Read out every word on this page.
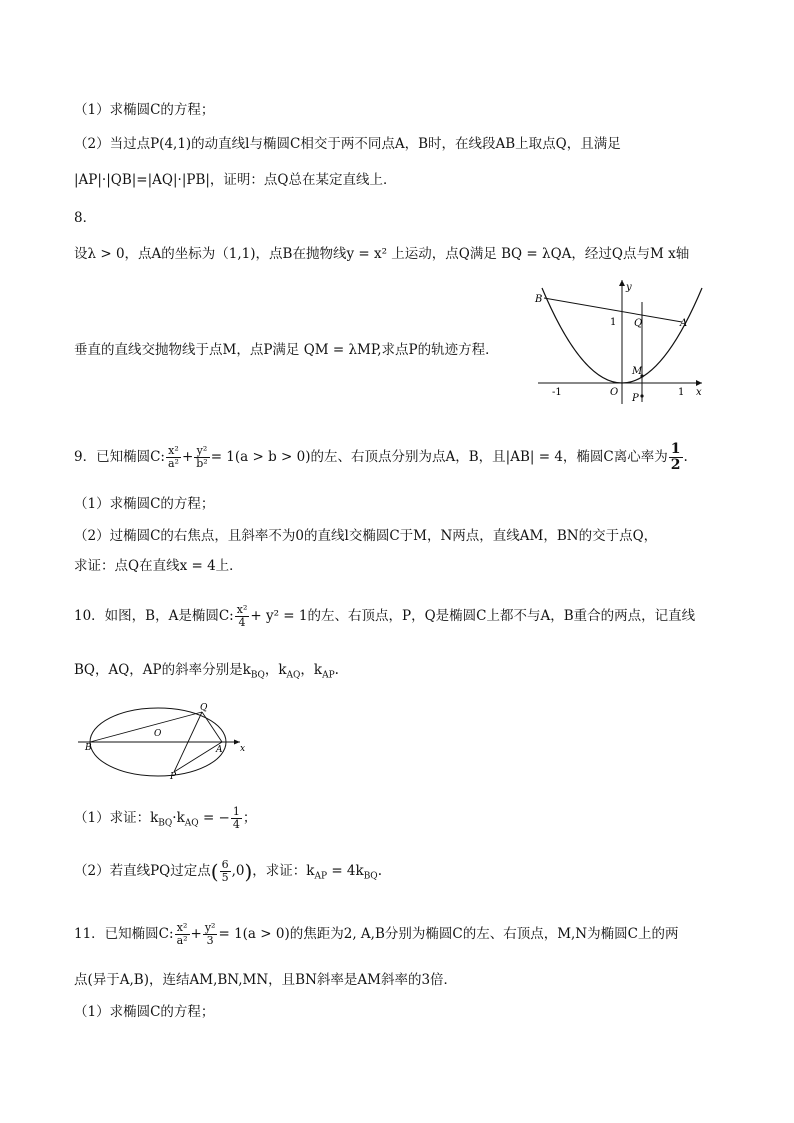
（1）求椭圆C的方程；
（2）当过点P(4,1)的动直线l与椭圆C相交于两不同点A，B时，在线段AB上取点Q，且满足
|AP|·|QB|=|AQ|·|PB|，证明：点Q总在某定直线上．
8．
设λ > 0，点A的坐标为（1,1)，点B在抛物线y = x² 上运动，点Q满足 BQ = λQA，经过Q点与M x轴
垂直的直线交抛物线于点M，点P满足 QM = λMP,求点P的轨迹方程．
B
y
1 Q	A
M
-1	O
P
1 x
9．已知椭圆C: $\frac{\text{x²}}{\text{a²}} + \frac{\text{y²}}{\text{b²}} = 1(a > b > 0)$的左、右顶点分别为点A，B，且|AB| = 4，椭圆C离心率为 $\frac{1}{2}$ .
（1）求椭圆C的方程；
（2）过椭圆C的右焦点，且斜率不为0的直线l交椭圆C于M，N两点，直线AM，BN的交于点Q，
求证：点Q在直线x = 4上．
10．如图，B，A是椭圆C: $\frac{\text{x²}}{4} + y^2 = 1$的左、右顶点，P，Q是椭圆C上都不与A，B重合的两点，记直线
BQ，AQ，AP的斜率分别是$k_{BQ}$，$k_{AQ}$，$k_{AP}$.
B
O
Q
A
P
x
（1）求证：$k_{BQ}\cdot k_{AQ}$ = − $\frac{1}{4}$ ；
（2）若直线PQ过定点( $\frac{6}{5} ,0$)，求证：$k_{AP} = 4k_{BQ}$.
11．已知椭圆C: $\frac{\text{x²}}{\text{a²}} + \frac{\text{y²}}{3} = 1(a > 0)$的焦距为2, A,B分别为椭圆C的左、右顶点，M,N为椭圆C上的两
点(异于A,B)，连结AM,BN,MN，且BN斜率是AM斜率的3倍．
（1）求椭圆C的方程；
